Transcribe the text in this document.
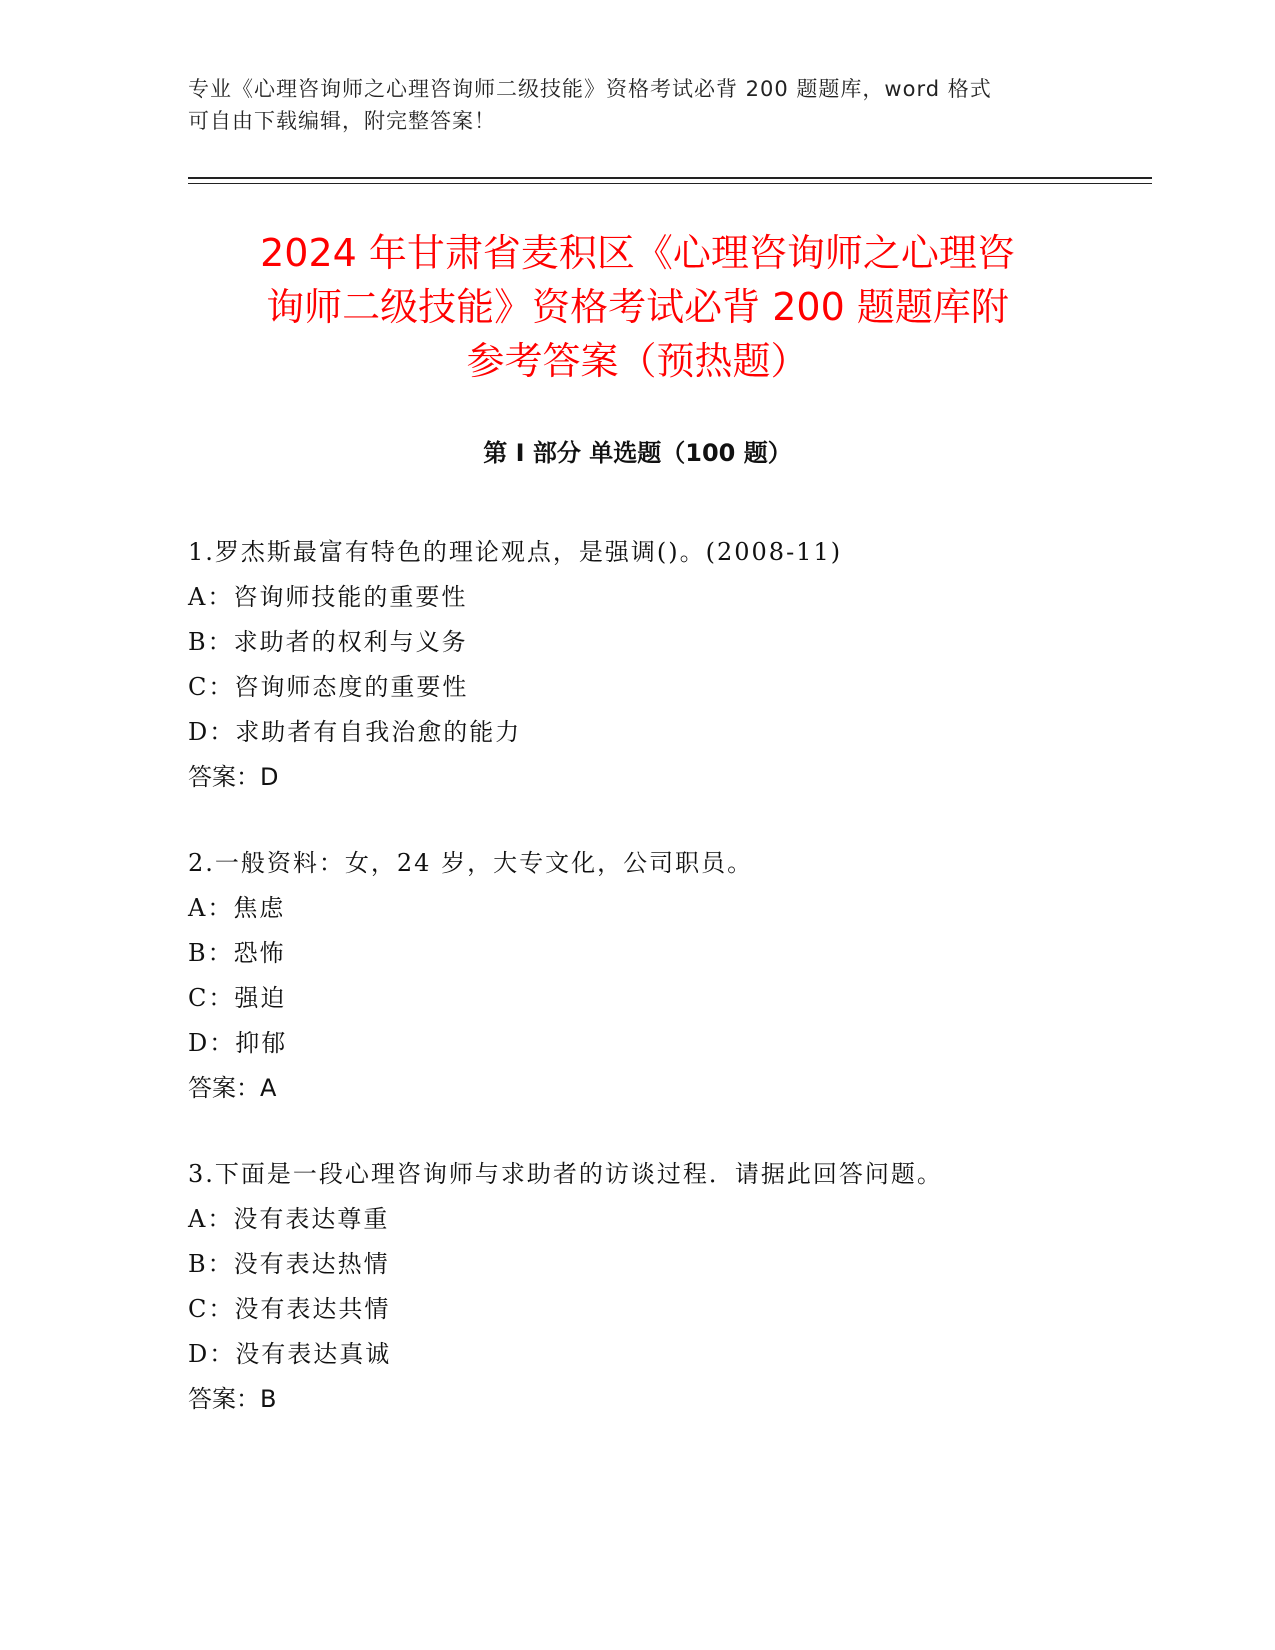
专业《心理咨询师之心理咨询师二级技能》资格考试必背 200 题题库，word 格式
可自由下载编辑，附完整答案！
2024 年甘肃省麦积区《心理咨询师之心理咨
询师二级技能》资格考试必背 200 题题库附
参考答案（预热题）
第 I 部分 单选题（100 题）
1.罗杰斯最富有特色的理论观点，是强调()。(2008-11)
A：咨询师技能的重要性
B：求助者的权利与义务
C：咨询师态度的重要性
D：求助者有自我治愈的能力
答案：D
2.一般资料：女，24 岁，大专文化，公司职员。
A：焦虑
B：恐怖
C：强迫
D：抑郁
答案：A
3.下面是一段心理咨询师与求助者的访谈过程．请据此回答问题。
A：没有表达尊重
B：没有表达热情
C：没有表达共情
D：没有表达真诚
答案：B
